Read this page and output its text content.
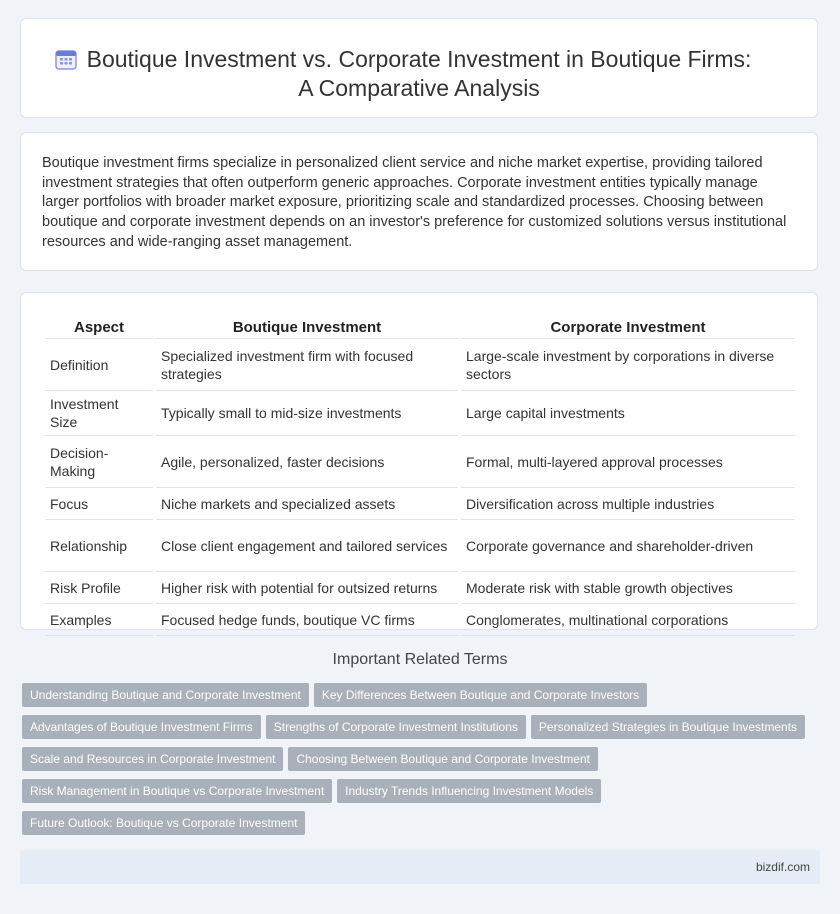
Boutique Investment vs. Corporate Investment in Boutique Firms:
A Comparative Analysis
Boutique investment firms specialize in personalized client service and niche market expertise, providing tailored investment strategies that often outperform generic approaches. Corporate investment entities typically manage larger portfolios with broader market exposure, prioritizing scale and standardized processes. Choosing between boutique and corporate investment depends on an investor's preference for customized solutions versus institutional resources and wide-ranging asset management.
Aspect	Boutique Investment	Corporate Investment
Definition	Specialized investment firm with focused strategies	Large-scale investment by corporations in diverse sectors
Investment Size	Typically small to mid-size investments	Large capital investments
Decision-Making	Agile, personalized, faster decisions	Formal, multi-layered approval processes
Focus	Niche markets and specialized assets	Diversification across multiple industries
Relationship	Close client engagement and tailored services	Corporate governance and shareholder-driven
Risk Profile	Higher risk with potential for outsized returns	Moderate risk with stable growth objectives
Examples	Focused hedge funds, boutique VC firms	Conglomerates, multinational corporations
Important Related Terms
Understanding Boutique and Corporate Investment Key Differences Between Boutique and Corporate Investors
Advantages of Boutique Investment Firms Strengths of Corporate Investment Institutions Personalized Strategies in Boutique Investments
Scale and Resources in Corporate Investment Choosing Between Boutique and Corporate Investment
Risk Management in Boutique vs Corporate Investment Industry Trends Influencing Investment Models
Future Outlook: Boutique vs Corporate Investment
bizdif.com
